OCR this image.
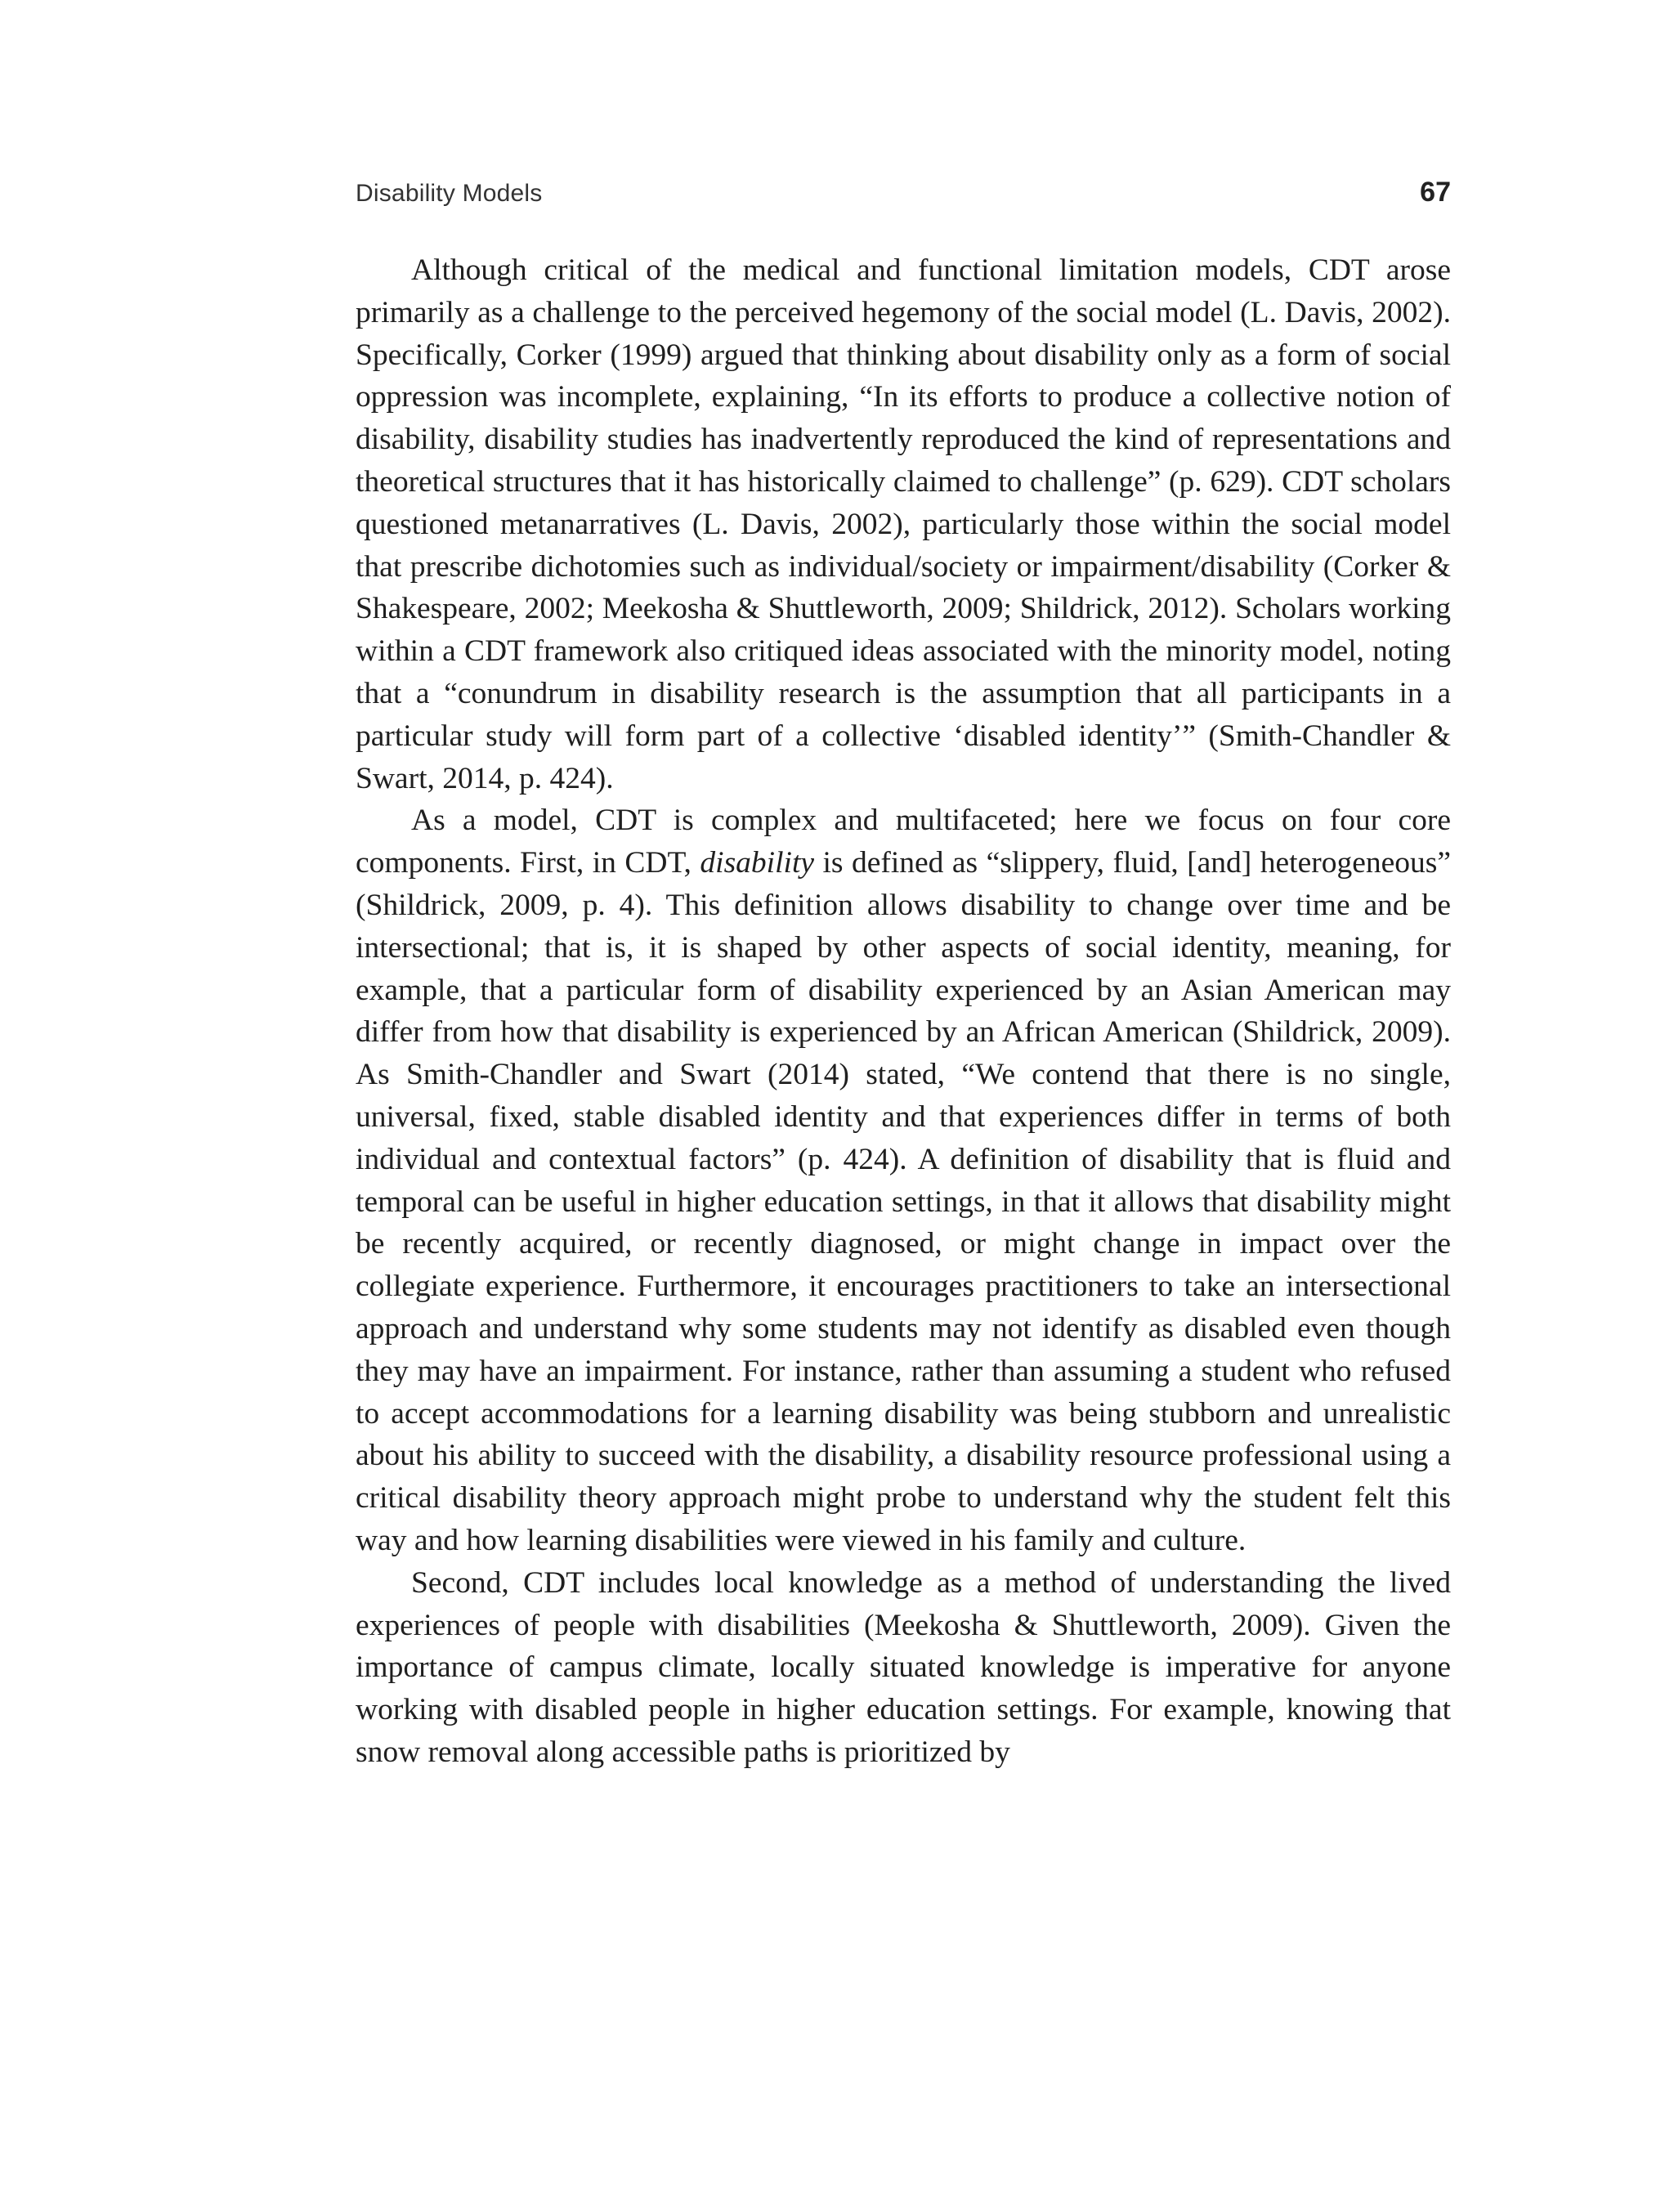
Disability Models	67

Although critical of the medical and functional limitation models, CDT arose primarily as a challenge to the perceived hegemony of the social model (L. Davis, 2002). Specifically, Corker (1999) argued that thinking about disability only as a form of social oppression was incomplete, explaining, “In its efforts to produce a collective notion of disability, disability studies has inadvertently reproduced the kind of representations and theoretical structures that it has historically claimed to challenge” (p. 629). CDT scholars questioned metanarratives (L. Davis, 2002), particularly those within the social model that prescribe dichotomies such as individual/society or impairment/disability (Corker & Shakespeare, 2002; Meekosha & Shuttleworth, 2009; Shildrick, 2012). Scholars working within a CDT framework also critiqued ideas associated with the minority model, noting that a “conundrum in disability research is the assumption that all participants in a particular study will form part of a collective ‘disabled identity’” (Smith-Chandler & Swart, 2014, p. 424).

As a model, CDT is complex and multifaceted; here we focus on four core components. First, in CDT, disability is defined as “slippery, fluid, [and] heterogeneous” (Shildrick, 2009, p. 4). This definition allows disability to change over time and be intersectional; that is, it is shaped by other aspects of social identity, meaning, for example, that a particular form of disability experienced by an Asian American may differ from how that disability is experienced by an African American (Shildrick, 2009). As Smith-Chandler and Swart (2014) stated, “We contend that there is no single, universal, fixed, stable disabled identity and that experiences differ in terms of both individual and contextual factors” (p. 424). A definition of disability that is fluid and temporal can be useful in higher education settings, in that it allows that disability might be recently acquired, or recently diagnosed, or might change in impact over the collegiate experience. Furthermore, it encourages practitioners to take an intersectional approach and understand why some students may not identify as disabled even though they may have an impairment. For instance, rather than assuming a student who refused to accept accommodations for a learning disability was being stubborn and unrealistic about his ability to succeed with the disability, a disability resource professional using a critical disability theory approach might probe to understand why the student felt this way and how learning disabilities were viewed in his family and culture.

Second, CDT includes local knowledge as a method of understanding the lived experiences of people with disabilities (Meekosha & Shuttleworth, 2009). Given the importance of campus climate, locally situated knowledge is imperative for anyone working with disabled people in higher education settings. For example, knowing that snow removal along accessible paths is prioritized by
